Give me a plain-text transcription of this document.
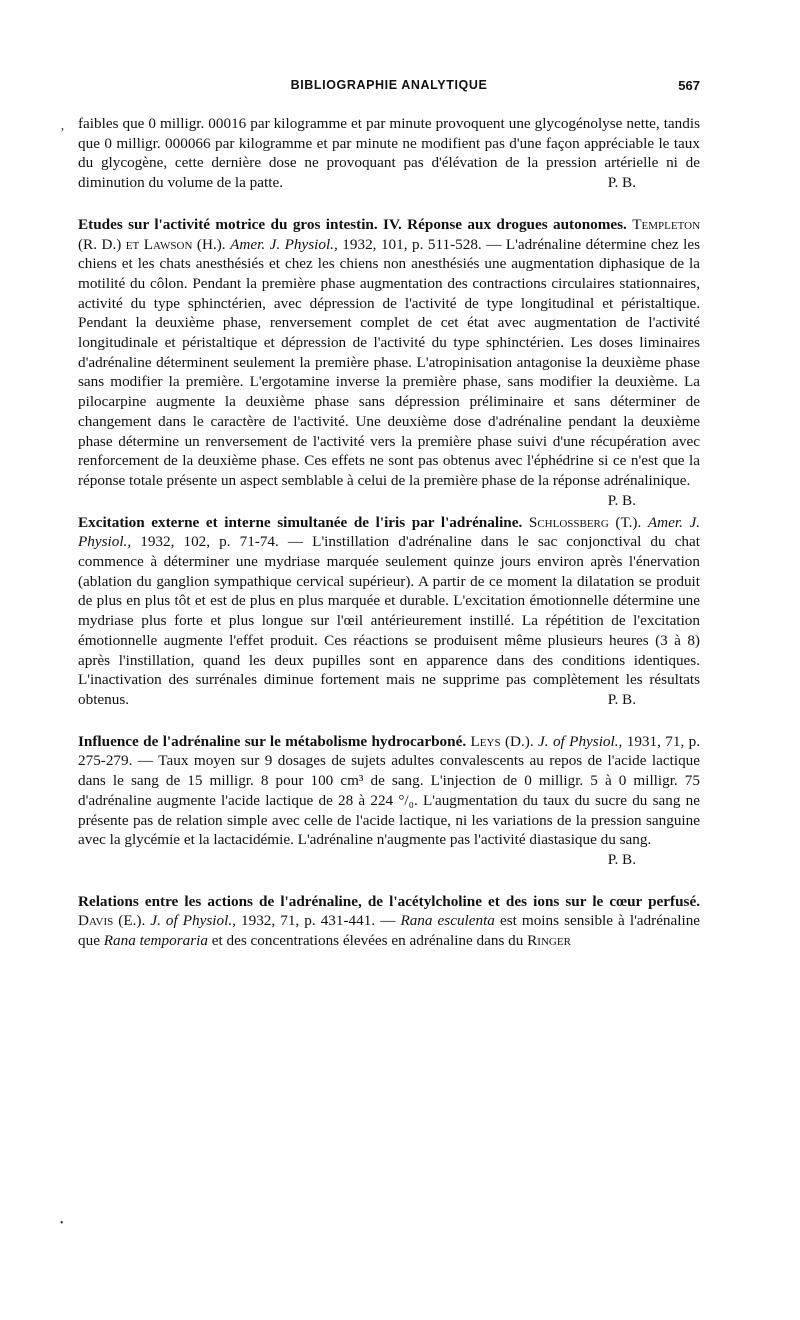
BIBLIOGRAPHIE ANALYTIQUE	567

faibles que 0 milligr. 00016 par kilogramme et par minute provoquent une glycogénolyse nette, tandis que 0 milligr. 000066 par kilogramme et par minute ne modifient pas d'une façon appréciable le taux du glycogène, cette dernière dose ne provoquant pas d'élévation de la pression artérielle ni de diminution du volume de la patte.	P. B.

Etudes sur l'activité motrice du gros intestin. IV. Réponse aux drogues autonomes. Templeton (R. D.) et Lawson (H.). Amer. J. Physiol., 1932, 101, p. 511-528. — L'adrénaline détermine chez les chiens et les chats anesthésiés et chez les chiens non anesthésiés une augmentation diphasique de la motilité du côlon. Pendant la première phase augmentation des contractions circulaires stationnaires, activité du type sphinctérien, avec dépression de l'activité de type longitudinal et péristaltique. Pendant la deuxième phase, renversement complet de cet état avec augmentation de l'activité longitudinale et péristaltique et dépression de l'activité du type sphinctérien. Les doses liminaires d'adrénaline déterminent seulement la première phase. L'atropinisation antagonise la deuxième phase sans modifier la première. L'ergotamine inverse la première phase, sans modifier la deuxième. La pilocarpine augmente la deuxième phase sans dépression préliminaire et sans déterminer de changement dans le caractère de l'activité. Une deuxième dose d'adrénaline pendant la deuxième phase détermine un renversement de l'activité vers la première phase suivi d'une récupération avec renforcement de la deuxième phase. Ces effets ne sont pas obtenus avec l'éphédrine si ce n'est que la réponse totale présente un aspect semblable à celui de la première phase de la réponse adrénalinique.
P. B.

Excitation externe et interne simultanée de l'iris par l'adrénaline. Schlossberg (T.). Amer. J. Physiol., 1932, 102, p. 71-74. — L'instillation d'adrénaline dans le sac conjonctival du chat commence à déterminer une mydriase marquée seulement quinze jours environ après l'énervation (ablation du ganglion sympathique cervical supérieur). A partir de ce moment la dilatation se produit de plus en plus tôt et est de plus en plus marquée et durable. L'excitation émotionnelle détermine une mydriase plus forte et plus longue sur l'œil antérieurement instillé. La répétition de l'excitation émotionnelle augmente l'effet produit. Ces réactions se produisent même plusieurs heures (3 à 8) après l'instillation, quand les deux pupilles sont en apparence dans des conditions identiques. L'inactivation des surrénales diminue fortement mais ne supprime pas complètement les résultats obtenus.	P. B.

Influence de l'adrénaline sur le métabolisme hydrocarboné. Leys (D.). J. of Physiol., 1931, 71, p. 275-279. — Taux moyen sur 9 dosages de sujets adultes convalescents au repos de l'acide lactique dans le sang de 15 milligr. 8 pour 100 cm³ de sang. L'injection de 0 milligr. 5 à 0 milligr. 75 d'adrénaline augmente l'acide lactique de 28 à 224 °/₀. L'augmentation du taux du sucre du sang ne présente pas de relation simple avec celle de l'acide lactique, ni les variations de la pression sanguine avec la glycémie et la lactacidémie. L'adrénaline n'augmente pas l'activité diastasique du sang.

P. B.

Relations entre les actions de l'adrénaline, de l'acétylcholine et des ions sur le cœur perfusé. Davis (E.). J. of Physiol., 1932, 71, p. 431-441. — Rana esculenta est moins sensible à l'adrénaline que Rana temporaria et des concentrations élevées en adrénaline dans du Ringer

ʼ
•
